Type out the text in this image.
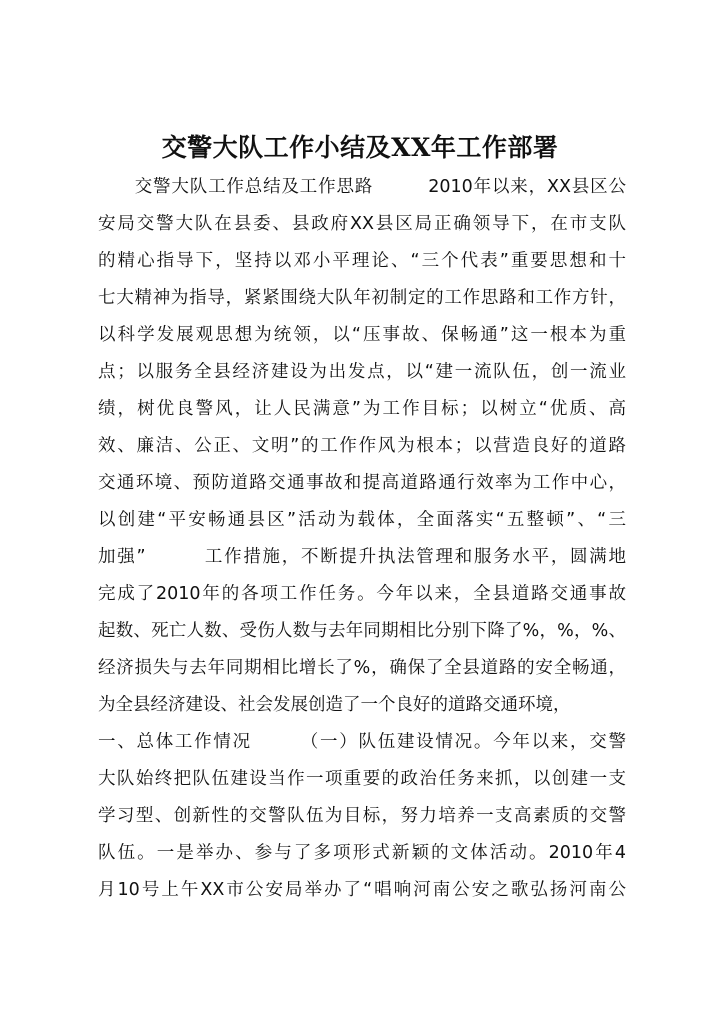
交警大队工作小结及XX年工作部署
　　交警大队工作总结及工作思路　　　2010年以来，XX县区公
安局交警大队在县委、县政府XX县区局正确领导下，在市支队
的精心指导下，坚持以邓小平理论、“三个代表”重要思想和十
七大精神为指导，紧紧围绕大队年初制定的工作思路和工作方针，
以科学发展观思想为统领，以“压事故、保畅通”这一根本为重
点；以服务全县经济建设为出发点，以“建一流队伍，创一流业
绩，树优良警风，让人民满意”为工作目标；以树立“优质、高
效、廉洁、公正、文明”的工作作风为根本；以营造良好的道路
交通环境、预防道路交通事故和提高道路通行效率为工作中心，
以创建“平安畅通县区”活动为载体，全面落实“五整顿”、“三
加强”　　　工作措施，不断提升执法管理和服务水平，圆满地
完成了2010年的各项工作任务。今年以来，全县道路交通事故
起数、死亡人数、受伤人数与去年同期相比分别下降了%，%，%、
经济损失与去年同期相比增长了%，确保了全县道路的安全畅通，
为全县经济建设、社会发展创造了一个良好的道路交通环境，
一、总体工作情况　　　（一）队伍建设情况。今年以来，交警
大队始终把队伍建设当作一项重要的政治任务来抓，以创建一支
学习型、创新性的交警队伍为目标，努力培养一支高素质的交警
队伍。一是举办、参与了多项形式新颖的文体活动。2010年4
月10号上午XX市公安局举办了“唱响河南公安之歌弘扬河南公
